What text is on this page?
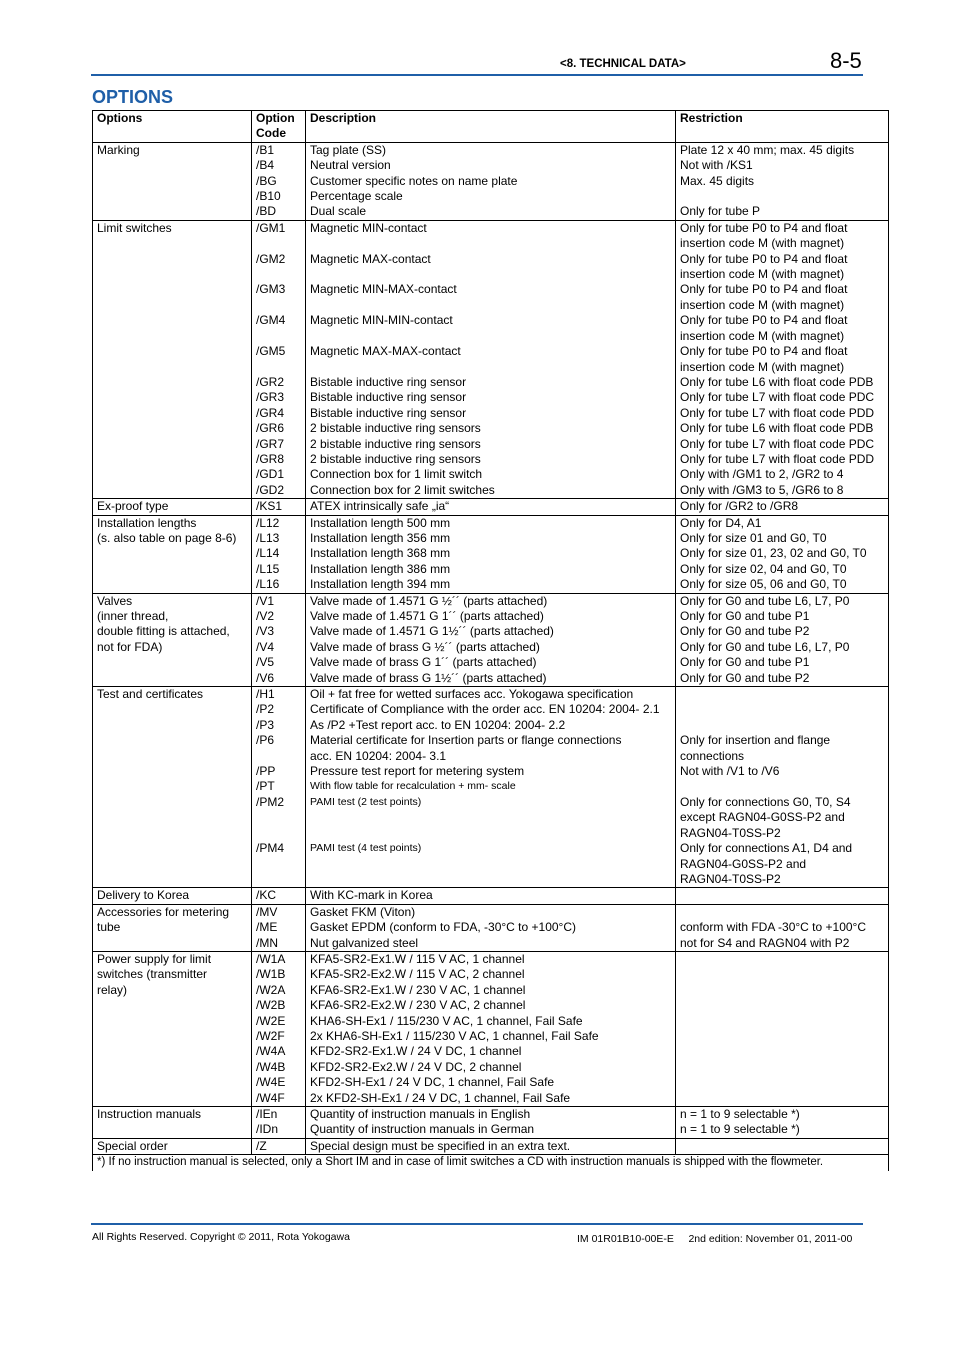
<8. TECHNICAL DATA>	8-5
OPTIONS
Options	Option Code	Description	Restriction
Marking	/B1	Tag plate (SS)	Plate 12 x 40 mm; max. 45 digits
	/B4	Neutral version	Not with /KS1
	/BG	Customer specific notes on name plate	Max. 45 digits
	/B10	Percentage scale	
	/BD	Dual scale	Only for tube P
Limit switches	/GM1	Magnetic MIN-contact	Only for tube P0 to P4 and float
			insertion code M (with magnet)
	/GM2	Magnetic MAX-contact	Only for tube P0 to P4 and float
			insertion code M (with magnet)
	/GM3	Magnetic MIN-MAX-contact	Only for tube P0 to P4 and float
			insertion code M (with magnet)
	/GM4	Magnetic MIN-MIN-contact	Only for tube P0 to P4 and float
			insertion code M (with magnet)
	/GM5	Magnetic MAX-MAX-contact	Only for tube P0 to P4 and float
			insertion code M (with magnet)
	/GR2	Bistable inductive ring sensor	Only for tube L6 with float code PDB
	/GR3	Bistable inductive ring sensor	Only for tube L7 with float code PDC
	/GR4	Bistable inductive ring sensor	Only for tube L7 with float code PDD
	/GR6	2 bistable inductive ring sensors	Only for tube L6 with float code PDB
	/GR7	2 bistable inductive ring sensors	Only for tube L7 with float code PDC
	/GR8	2 bistable inductive ring sensors	Only for tube L7 with float code PDD
	/GD1	Connection box for 1 limit switch	Only with /GM1 to 2, /GR2 to 4
	/GD2	Connection box for 2 limit switches	Only with /GM3 to 5, /GR6 to 8
Ex-proof type	/KS1	ATEX intrinsically safe „ia“	Only for /GR2 to /GR8
Installation lengths	/L12	Installation length 500 mm	Only for D4, A1
(s. also table on page 8-6)	/L13	Installation length 356 mm	Only for size 01 and G0, T0
	/L14	Installation length 368 mm	Only for size 01, 23, 02 and G0, T0
	/L15	Installation length 386 mm	Only for size 02, 04 and G0, T0
	/L16	Installation length 394 mm	Only for size 05, 06 and G0, T0
Valves	/V1	Valve made of 1.4571 G ½´´ (parts attached)	Only for G0 and tube L6, L7, P0
(inner thread,	/V2	Valve made of 1.4571 G 1´´ (parts attached)	Only for G0 and tube P1
double fitting is attached,	/V3	Valve made of 1.4571 G 1½´´ (parts attached)	Only for G0 and tube P2
not for FDA)	/V4	Valve made of brass G ½´´ (parts attached)	Only for G0 and tube L6, L7, P0
	/V5	Valve made of brass G 1´´ (parts attached)	Only for G0 and tube P1
	/V6	Valve made of brass G 1½´´ (parts attached)	Only for G0 and tube P2
Test and certificates	/H1	Oil + fat free for wetted surfaces acc. Yokogawa specification	
	/P2	Certificate of Compliance with the order acc. EN 10204: 2004- 2.1	
	/P3	As /P2 +Test report acc. to EN 10204: 2004- 2.2	
	/P6	Material certificate for Insertion parts or flange connections	Only for insertion and flange
		acc. EN 10204: 2004- 3.1	connections
	/PP	Pressure test report for metering system	Not with /V1 to /V6
	/PT	With flow table for recalculation + mm- scale	
	/PM2	PAMI test (2 test points)	Only for connections G0, T0, S4
			except RAGN04-G0SS-P2 and
			RAGN04-T0SS-P2
	/PM4	PAMI test (4 test points)	Only for connections A1, D4 and
			RAGN04-G0SS-P2 and
			RAGN04-T0SS-P2
Delivery to Korea	/KC	With KC-mark in Korea	
Accessories for metering	/MV	Gasket FKM (Viton)	
tube	/ME	Gasket EPDM (conform to FDA, -30°C to +100°C)	conform with FDA -30°C to +100°C
	/MN	Nut galvanized steel	not for S4 and RAGN04 with P2
Power supply for limit	/W1A	KFA5-SR2-Ex1.W / 115 V AC, 1 channel	
switches (transmitter	/W1B	KFA5-SR2-Ex2.W / 115 V AC, 2 channel	
relay)	/W2A	KFA6-SR2-Ex1.W / 230 V AC, 1 channel	
	/W2B	KFA6-SR2-Ex2.W / 230 V AC, 2 channel	
	/W2E	KHA6-SH-Ex1 / 115/230 V AC, 1 channel, Fail Safe	
	/W2F	2x KHA6-SH-Ex1 / 115/230 V AC, 1 channel, Fail Safe	
	/W4A	KFD2-SR2-Ex1.W / 24 V DC, 1 channel	
	/W4B	KFD2-SR2-Ex2.W / 24 V DC, 2 channel	
	/W4E	KFD2-SH-Ex1 / 24 V DC, 1 channel, Fail Safe	
	/W4F	2x KFD2-SH-Ex1 / 24 V DC, 1 channel, Fail Safe	
Instruction manuals	/IEn	Quantity of instruction manuals in English	n = 1 to 9 selectable *)
	/IDn	Quantity of instruction manuals in German	n = 1 to 9 selectable *)
Special order	/Z	Special design must be specified in an extra text.	
*) If no instruction manual is selected, only a Short IM and in case of limit switches a CD with instruction manuals is shipped with the flowmeter.			
All Rights Reserved. Copyright © 2011, Rota Yokogawa	IM 01R01B10-00E-E     2nd edition: November 01, 2011-00
